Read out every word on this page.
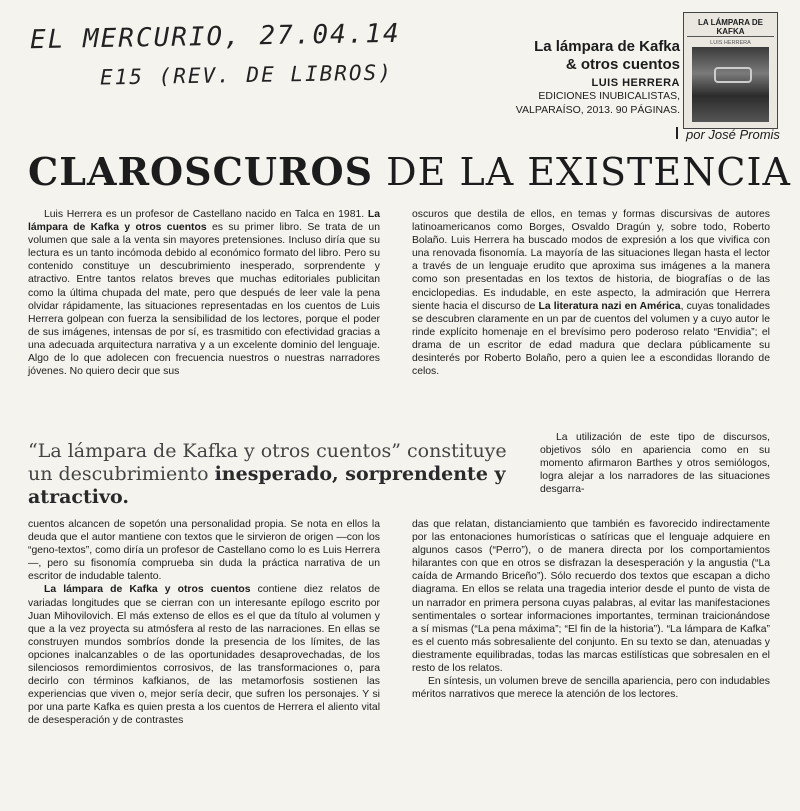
EL MERCURIO, 27.04.14
E15 (REV. DE LIBROS)
La lámpara de Kafka
& otros cuentos
LUIS HERRERA
EDICIONES INUBICALISTAS,
VALPARAÍSO, 2013. 90 PÁGINAS.
LA LÁMPARA DE KAFKA
LUIS HERRERA
por José Promis
CLAROSCUROS DE LA EXISTENCIA

Luis Herrera es un profesor de Castellano nacido en Talca en 1981. La lámpara de Kafka y otros cuentos es su primer libro. Se trata de un volumen que sale a la venta sin mayores pretensiones. Incluso diría que su lectura es un tanto incómoda debido al económico formato del libro. Pero su contenido constituye un descubrimiento inesperado, sorprendente y atractivo. Entre tantos relatos breves que muchas editoriales publicitan como la última chupada del mate, pero que después de leer vale la pena olvidar rápidamente, las situaciones representadas en los cuentos de Luis Herrera golpean con fuerza la sensibilidad de los lectores, porque el poder de sus imágenes, intensas de por sí, es trasmitido con efectividad gracias a una adecuada arquitectura narrativa y a un excelente dominio del lenguaje. Algo de lo que adolecen con frecuencia nuestros o nuestras narradores jóvenes. No quiero decir que sus

oscuros que destila de ellos, en temas y formas discursivas de autores latinoamericanos como Borges, Osvaldo Dragún y, sobre todo, Roberto Bolaño. Luis Herrera ha buscado modos de expresión a los que vivifica con una renovada fisonomía. La mayoría de las situaciones llegan hasta el lector a través de un lenguaje erudito que aproxima sus imágenes a la manera como son presentadas en los textos de historia, de biografías o de las enciclopedias. Es indudable, en este aspecto, la admiración que Herrera siente hacia el discurso de La literatura nazi en América, cuyas tonalidades se descubren claramente en un par de cuentos del volumen y a cuyo autor le rinde explícito homenaje en el brevísimo pero poderoso relato “Envidia”; el drama de un escritor de edad madura que declara públicamente su desinterés por Roberto Bolaño, pero a quien lee a escondidas llorando de celos.

La utilización de este tipo de discursos, objetivos sólo en apariencia como en su momento afirmaron Barthes y otros semiólogos, logra alejar a los narradores de las situaciones desgarra-

“La lámpara de Kafka y otros cuentos” constituye un descubrimiento inesperado, sorprendente y atractivo.

cuentos alcancen de sopetón una personalidad propia. Se nota en ellos la deuda que el autor mantiene con textos que le sirvieron de origen —con los “geno-textos”, como diría un profesor de Castellano como lo es Luis Herrera—, pero su fisonomía comprueba sin duda la práctica narrativa de un escritor de indudable talento.

La lámpara de Kafka y otros cuentos contiene diez relatos de variadas longitudes que se cierran con un interesante epílogo escrito por Juan Mihovilovich. El más extenso de ellos es el que da título al volumen y que a la vez proyecta su atmósfera al resto de las narraciones. En ellas se construyen mundos sombríos donde la presencia de los límites, de las opciones inalcanzables o de las oportunidades desaprovechadas, de los silenciosos remordimientos corrosivos, de las transformaciones o, para decirlo con términos kafkianos, de las metamorfosis sostienen las experiencias que viven o, mejor sería decir, que sufren los personajes. Y si por una parte Kafka es quien presta a los cuentos de Herrera el aliento vital de desesperación y de contrastes

das que relatan, distanciamiento que también es favorecido indirectamente por las entonaciones humorísticas o satíricas que el lenguaje adquiere en algunos casos (“Perro”), o de manera directa por los comportamientos hilarantes con que en otros se disfrazan la desesperación y la angustia (“La caída de Armando Briceño”). Sólo recuerdo dos textos que escapan a dicho diagrama. En ellos se relata una tragedia interior desde el punto de vista de un narrador en primera persona cuyas palabras, al evitar las manifestaciones sentimentales o sortear informaciones importantes, terminan traicionándose a sí mismas (“La pena máxima”; “El fin de la historia”). “La lámpara de Kafka” es el cuento más sobresaliente del conjunto. En su texto se dan, atenuadas y diestramente equilibradas, todas las marcas estilísticas que sobresalen en el resto de los relatos.

En síntesis, un volumen breve de sencilla apariencia, pero con indudables méritos narrativos que merece la atención de los lectores.
